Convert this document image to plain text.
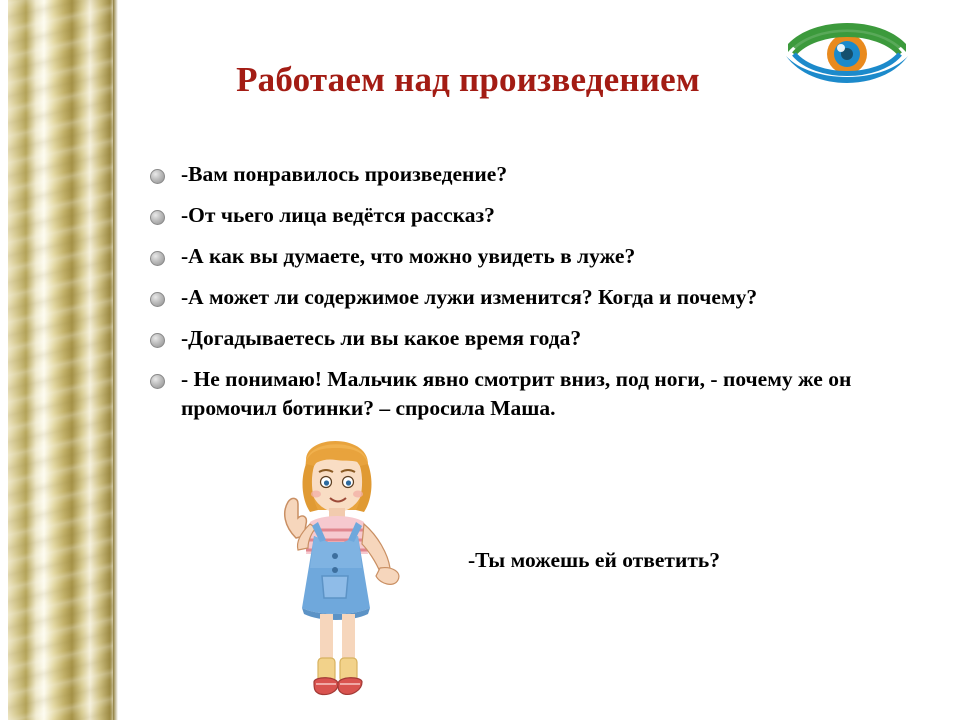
Работаем над произведением
-Вам понравилось произведение?
-От чьего лица ведётся рассказ?
-А как вы думаете, что можно увидеть в луже?
-А может ли содержимое лужи изменится? Когда и почему?
-Догадываетесь ли вы какое время года?
- Не понимаю! Мальчик явно смотрит вниз, под ноги, - почему же он промочил ботинки? – спросила Маша.
-Ты можешь ей ответить?
